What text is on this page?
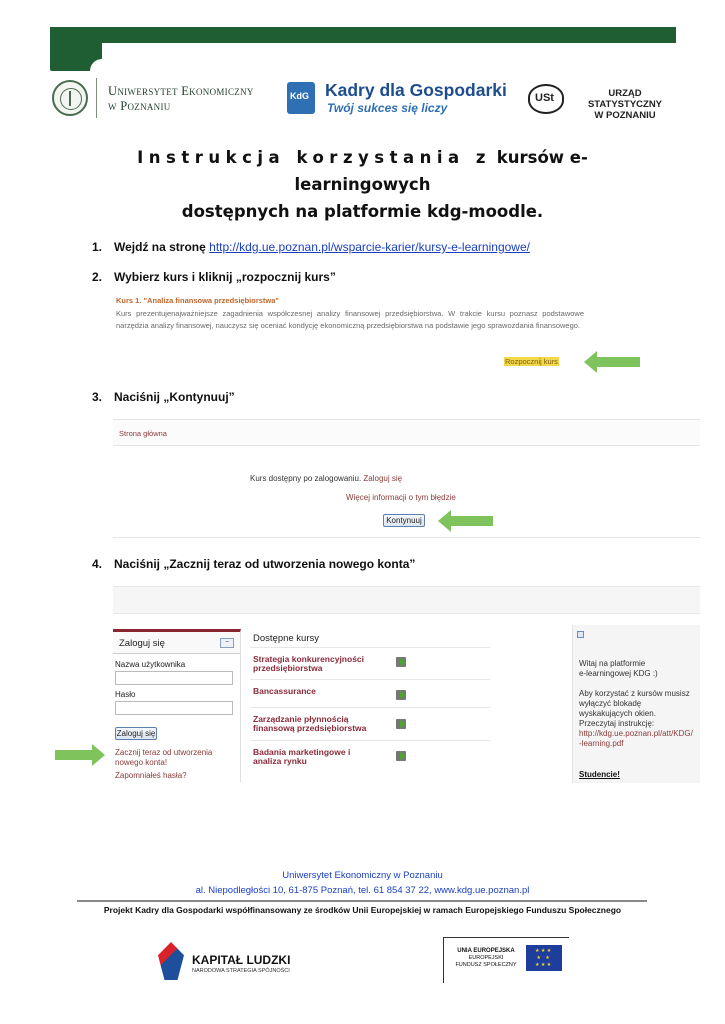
Uniwersytet Ekonomiczny
w Poznaniu
KdG
Kadry dla Gospodarki
Twój sukces się liczy
USt
URZĄD STATYSTYCZNY
W POZNANIU
Instrukcja korzystania z kursów e-learningowych
dostępnych na platformie kdg-moodle.
1. Wejdź na stronę http://kdg.ue.poznan.pl/wsparcie-karier/kursy-e-learningowe/
2. Wybierz kurs i kliknij „rozpocznij kurs”
Kurs 1. "Analiza finansowa przedsiębiorstwa"
Kurs prezentujenajważniejsze zagadnienia współczesnej analizy finansowej przedsiębiorstwa. W trakcie kursu poznasz podstawowe narzędzia analizy finansowej, nauczysz się oceniać kondycję ekonomiczną przedsiębiorstwa na podstawie jego sprawozdania finansowego.
Rozpocznij kurs
3. Naciśnij „Kontynuuj”
Strona główna
Kurs dostępny po zalogowaniu. Zaloguj się
Więcej informacji o tym błędzie
Kontynuuj
4. Naciśnij „Zacznij teraz od utworzenia nowego konta”
Zaloguj się	−
Nazwa użytkownika
Hasło
Zaloguj się
Zacznij teraz od utworzenia
nowego konta!
Zapomniałeś hasła?
Dostępne kursy
Strategia konkurencyjności
przedsiębiorstwa
Bancassurance
Zarządzanie płynnością
finansową przedsiębiorstwa
Badania marketingowe i
analiza rynku
Witaj na platformie
e-learningowej KDG :)
Aby korzystać z kursów musisz
wyłączyć blokadę
wyskakujących okien.
Przeczytaj instrukcję:
http://kdg.ue.poznan.pl/att/KDG/
-learning.pdf
Studencie!
Uniwersytet Ekonomiczny w Poznaniu
al. Niepodległości 10, 61-875 Poznań, tel. 61 854 37 22, www.kdg.ue.poznan.pl
Projekt Kadry dla Gospodarki współfinansowany ze środków Unii Europejskiej w ramach Europejskiego Funduszu Społecznego
KAPITAŁ LUDZKI
NARODOWA STRATEGIA SPÓJNOŚCI
UNIA EUROPEJSKA
EUROPEJSKI
FUNDUSZ SPOŁECZNY
★ ★ ★ ★ ★ ★ ★ ★
